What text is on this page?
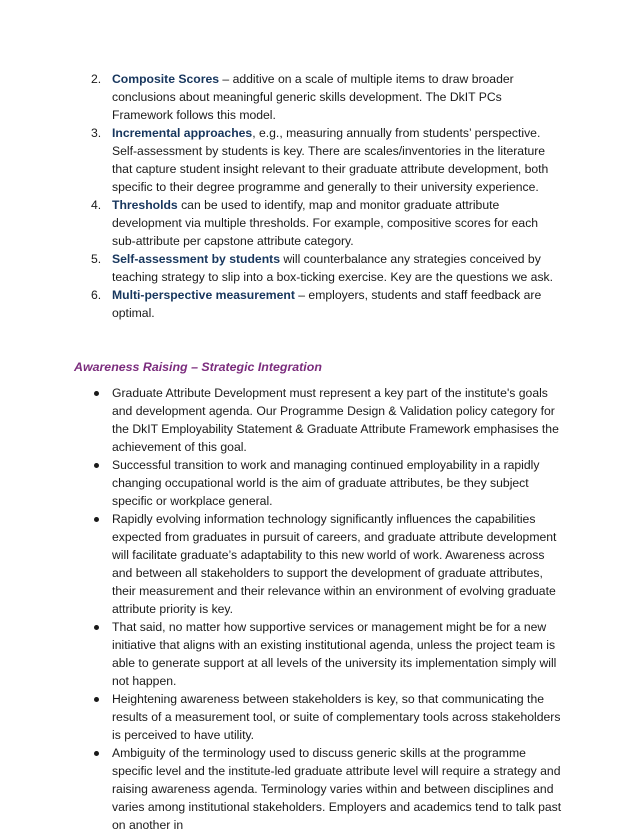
2. Composite Scores – additive on a scale of multiple items to draw broader conclusions about meaningful generic skills development. The DkIT PCs Framework follows this model.
3. Incremental approaches, e.g., measuring annually from students’ perspective. Self-assessment by students is key. There are scales/inventories in the literature that capture student insight relevant to their graduate attribute development, both specific to their degree programme and generally to their university experience.
4. Thresholds can be used to identify, map and monitor graduate attribute development via multiple thresholds. For example, compositive scores for each sub-attribute per capstone attribute category.
5. Self-assessment by students will counterbalance any strategies conceived by teaching strategy to slip into a box-ticking exercise. Key are the questions we ask.
6. Multi-perspective measurement – employers, students and staff feedback are optimal.
Awareness Raising – Strategic Integration
Graduate Attribute Development must represent a key part of the institute's goals and development agenda. Our Programme Design & Validation policy category for the DkIT Employability Statement & Graduate Attribute Framework emphasises the achievement of this goal.
Successful transition to work and managing continued employability in a rapidly changing occupational world is the aim of graduate attributes, be they subject specific or workplace general.
Rapidly evolving information technology significantly influences the capabilities expected from graduates in pursuit of careers, and graduate attribute development will facilitate graduate’s adaptability to this new world of work. Awareness across and between all stakeholders to support the development of graduate attributes, their measurement and their relevance within an environment of evolving graduate attribute priority is key.
That said, no matter how supportive services or management might be for a new initiative that aligns with an existing institutional agenda, unless the project team is able to generate support at all levels of the university its implementation simply will not happen.
Heightening awareness between stakeholders is key, so that communicating the results of a measurement tool, or suite of complementary tools across stakeholders is perceived to have utility.
Ambiguity of the terminology used to discuss generic skills at the programme specific level and the institute-led graduate attribute level will require a strategy and raising awareness agenda. Terminology varies within and between disciplines and varies among institutional stakeholders. Employers and academics tend to talk past on another in
